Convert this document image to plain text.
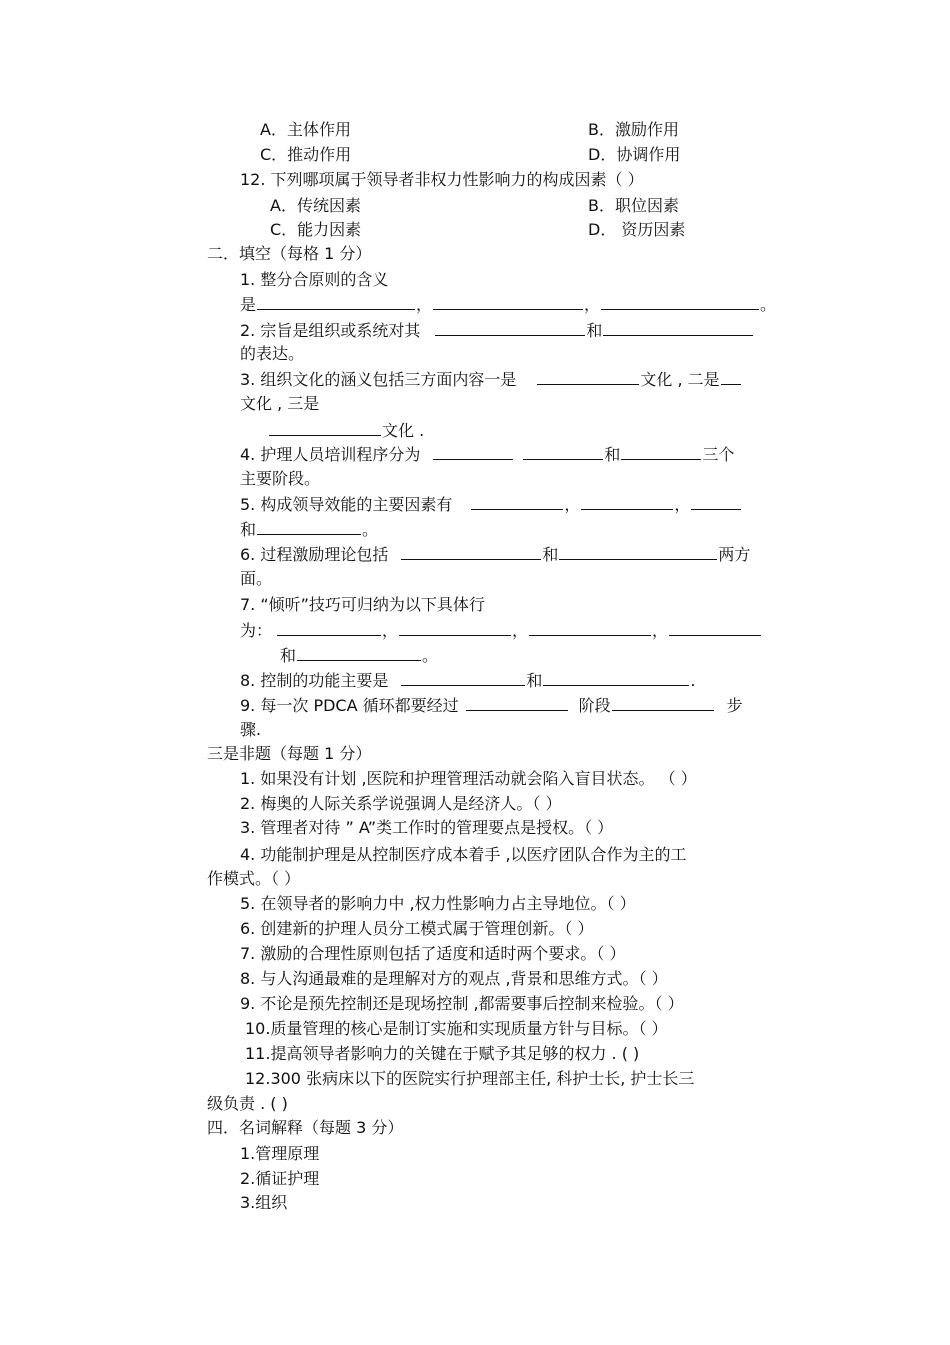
A．主体作用	B．激励作用
C．推动作用	D．协调作用
12. 下列哪项属于领导者非权力性影响力的构成因素（ ）
A．传统因素	B．职位因素
C．能力因素	D． 资历因素
二．填空（每格 1 分）
1. 整分合原则的含义
是	，	，	。
2. 宗旨是组织或系统对其	和
的表达。
3. 组织文化的涵义包括三方面内容一是	文化 , 二是
文化 , 三是
文化 .
4. 护理人员培训程序分为	和	三个
主要阶段。
5. 构成领导效能的主要因素有	，	，
和	。
6. 过程激励理论包括	和	两方
面。
7. “倾听”技巧可归纳为以下具体行
为：	，	，	，
和	。
8. 控制的功能主要是	和	.
9. 每一次 PDCA 循环都要经过	阶段	步
骤.
三是非题（每题 1 分）
1. 如果没有计划 ,医院和护理管理活动就会陷入盲目状态。 （ ）
2. 梅奥的人际关系学说强调人是经济人。（ ）
3. 管理者对待 ” A”类工作时的管理要点是授权。（ ）
4. 功能制护理是从控制医疗成本着手 ,以医疗团队合作为主的工
作模式。（ ）
5. 在领导者的影响力中 ,权力性影响力占主导地位。（ ）
6. 创建新的护理人员分工模式属于管理创新。（ ）
7. 激励的合理性原则包括了适度和适时两个要求。（ ）
8. 与人沟通最难的是理解对方的观点 ,背景和思维方式。（ ）
9. 不论是预先控制还是现场控制 ,都需要事后控制来检验。（ ）
10.质量管理的核心是制订实施和实现质量方针与目标。（ ）
11.提高领导者影响力的关键在于赋予其足够的权力 . ( )
12.300 张病床以下的医院实行护理部主任, 科护士长, 护士长三
级负责 . ( )
四．名词解释（每题 3 分）
1.管理原理
2.循证护理
3.组织
